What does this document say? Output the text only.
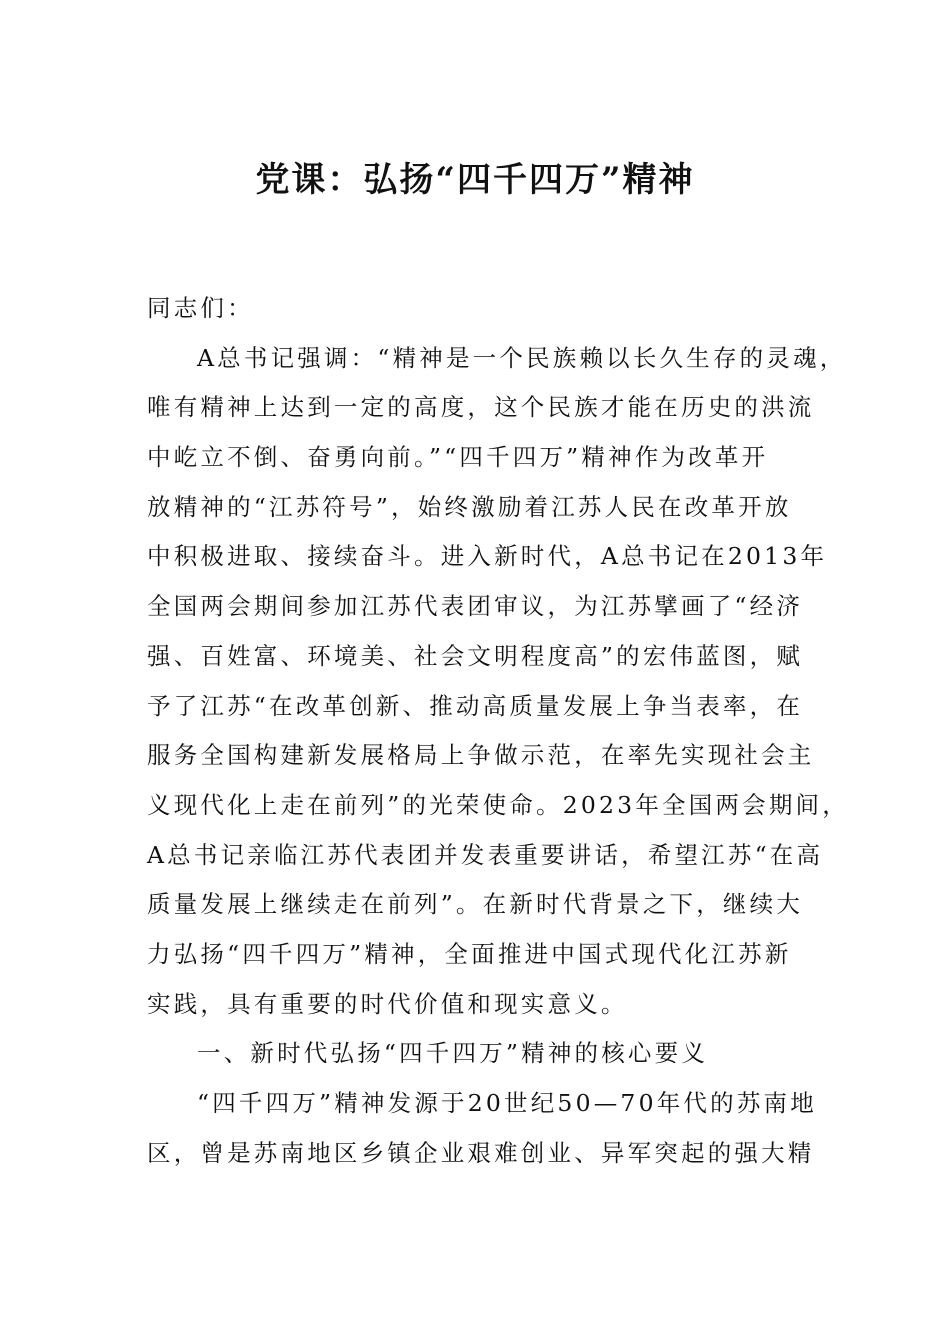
党课：弘扬“四千四万”精神
同志们：
A总书记强调：“精神是一个民族赖以长久生存的灵魂，
唯有精神上达到一定的高度，这个民族才能在历史的洪流
中屹立不倒、奋勇向前。”“四千四万”精神作为改革开
放精神的“江苏符号”，始终激励着江苏人民在改革开放
中积极进取、接续奋斗。进入新时代，A总书记在2013年
全国两会期间参加江苏代表团审议，为江苏擘画了“经济
强、百姓富、环境美、社会文明程度高”的宏伟蓝图，赋
予了江苏“在改革创新、推动高质量发展上争当表率，在
服务全国构建新发展格局上争做示范，在率先实现社会主
义现代化上走在前列”的光荣使命。2023年全国两会期间，
A总书记亲临江苏代表团并发表重要讲话，希望江苏“在高
质量发展上继续走在前列”。在新时代背景之下，继续大
力弘扬“四千四万”精神，全面推进中国式现代化江苏新
实践，具有重要的时代价值和现实意义。
一、新时代弘扬“四千四万”精神的核心要义
“四千四万”精神发源于20世纪50—70年代的苏南地
区，曾是苏南地区乡镇企业艰难创业、异军突起的强大精
